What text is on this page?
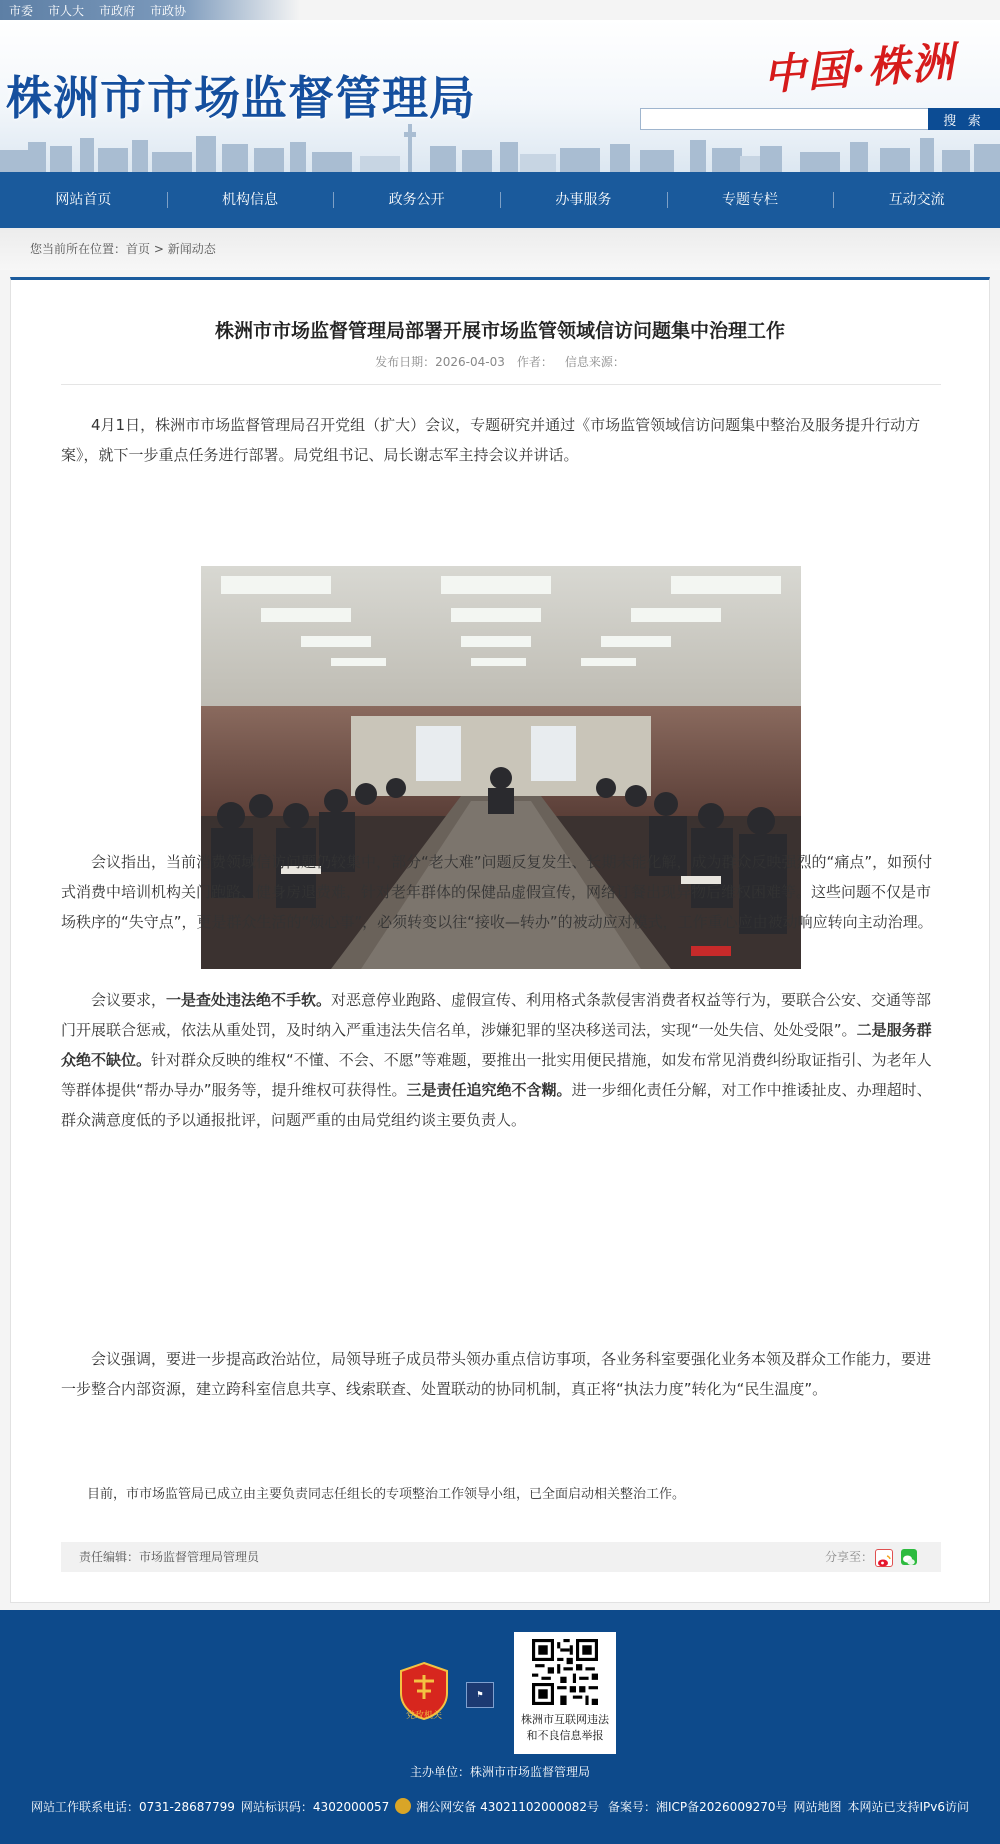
市委 市人大 市政府 市政协
株洲市市场监督管理局	中国·株洲
搜 索
网站首页	机构信息	政务公开	办事服务	专题专栏	互动交流
您当前所在位置：首页 > 新闻动态
株洲市市场监督管理局部署开展市场监管领域信访问题集中治理工作
发布日期：2026-04-03 作者： 信息来源：

4月1日，株洲市市场监督管理局召开党组（扩大）会议，专题研究并通过《市场监管领域信访问题集中整治及服务提升行动方案》，就下一步重点任务进行部署。局党组书记、局长谢志军主持会议并讲话。

会议指出，当前消费领域信访问题仍较集中，部分“老大难”问题反复发生、长期未能化解，成为群众反映强烈的“痛点”，如预付式消费中培训机构关门跑路、健身房退费难，针对老年群体的保健品虚假宣传，网络订餐出现异物后维权困难等。这些问题不仅是市场秩序的“失守点”，更是群众生活的“烦心事”，必须转变以往“接收—转办”的被动应对模式，工作重心应由被动响应转向主动治理。

会议要求，一是查处违法绝不手软。对恶意停业跑路、虚假宣传、利用格式条款侵害消费者权益等行为，要联合公安、交通等部门开展联合惩戒，依法从重处罚，及时纳入严重违法失信名单，涉嫌犯罪的坚决移送司法，实现“一处失信、处处受限”。二是服务群众绝不缺位。针对群众反映的维权“不懂、不会、不愿”等难题，要推出一批实用便民措施，如发布常见消费纠纷取证指引、为老年人等群体提供“帮办导办”服务等，提升维权可获得性。三是责任追究绝不含糊。进一步细化责任分解，对工作中推诿扯皮、办理超时、群众满意度低的予以通报批评，问题严重的由局党组约谈主要负责人。

会议强调，要进一步提高政治站位，局领导班子成员带头领办重点信访事项，各业务科室要强化业务本领及群众工作能力，要进一步整合内部资源，建立跨科室信息共享、线索联查、处置联动的协同机制，真正将“执法力度”转化为“民生温度”。

目前，市市场监管局已成立由主要负责同志任组长的专项整治工作领导小组，已全面启动相关整治工作。

责任编辑：市场监督管理局管理员	分享至：
党政机关
⚑
株洲市互联网违法
和不良信息举报
主办单位：株洲市市场监督管理局
网站工作联系电话：0731-28687799 网站标识码：4302000057 湘公网安备 43021102000082号 备案号：湘ICP备2026009270号 网站地图 本网站已支持IPv6访问
